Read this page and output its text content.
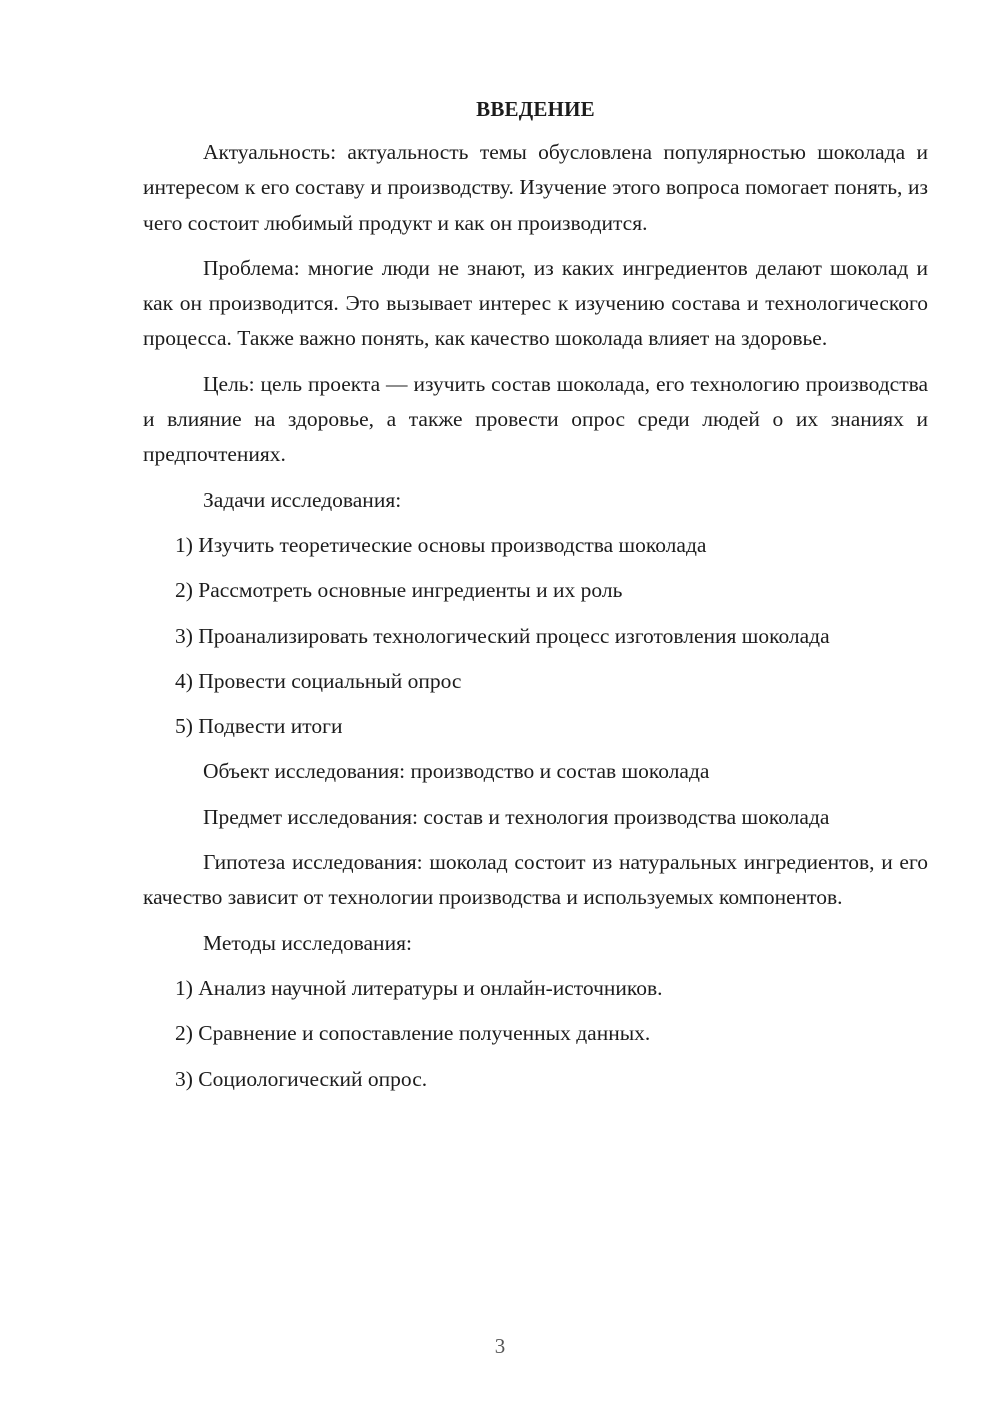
ВВЕДЕНИЕ

Актуальность: актуальность темы обусловлена популярностью шоколада и интересом к его составу и производству. Изучение этого вопроса помогает понять, из чего состоит любимый продукт и как он производится.

Проблема: многие люди не знают, из каких ингредиентов делают шоколад и как он производится. Это вызывает интерес к изучению состава и технологического процесса. Также важно понять, как качество шоколада влияет на здоровье.

Цель: цель проекта — изучить состав шоколада, его технологию производства и влияние на здоровье, а также провести опрос среди людей о их знаниях и предпочтениях.

Задачи исследования:

1) Изучить теоретические основы производства шоколада

2) Рассмотреть основные ингредиенты и их роль

3) Проанализировать технологический процесс изготовления шоколада

4) Провести социальный опрос

5) Подвести итоги

Объект исследования: производство и состав шоколада

Предмет исследования: состав и технология производства шоколада

Гипотеза исследования: шоколад состоит из натуральных ингредиентов, и его качество зависит от технологии производства и используемых компонентов.

Методы исследования:

1) Анализ научной литературы и онлайн-источников.

2) Сравнение и сопоставление полученных данных.

3) Социологический опрос.

3
